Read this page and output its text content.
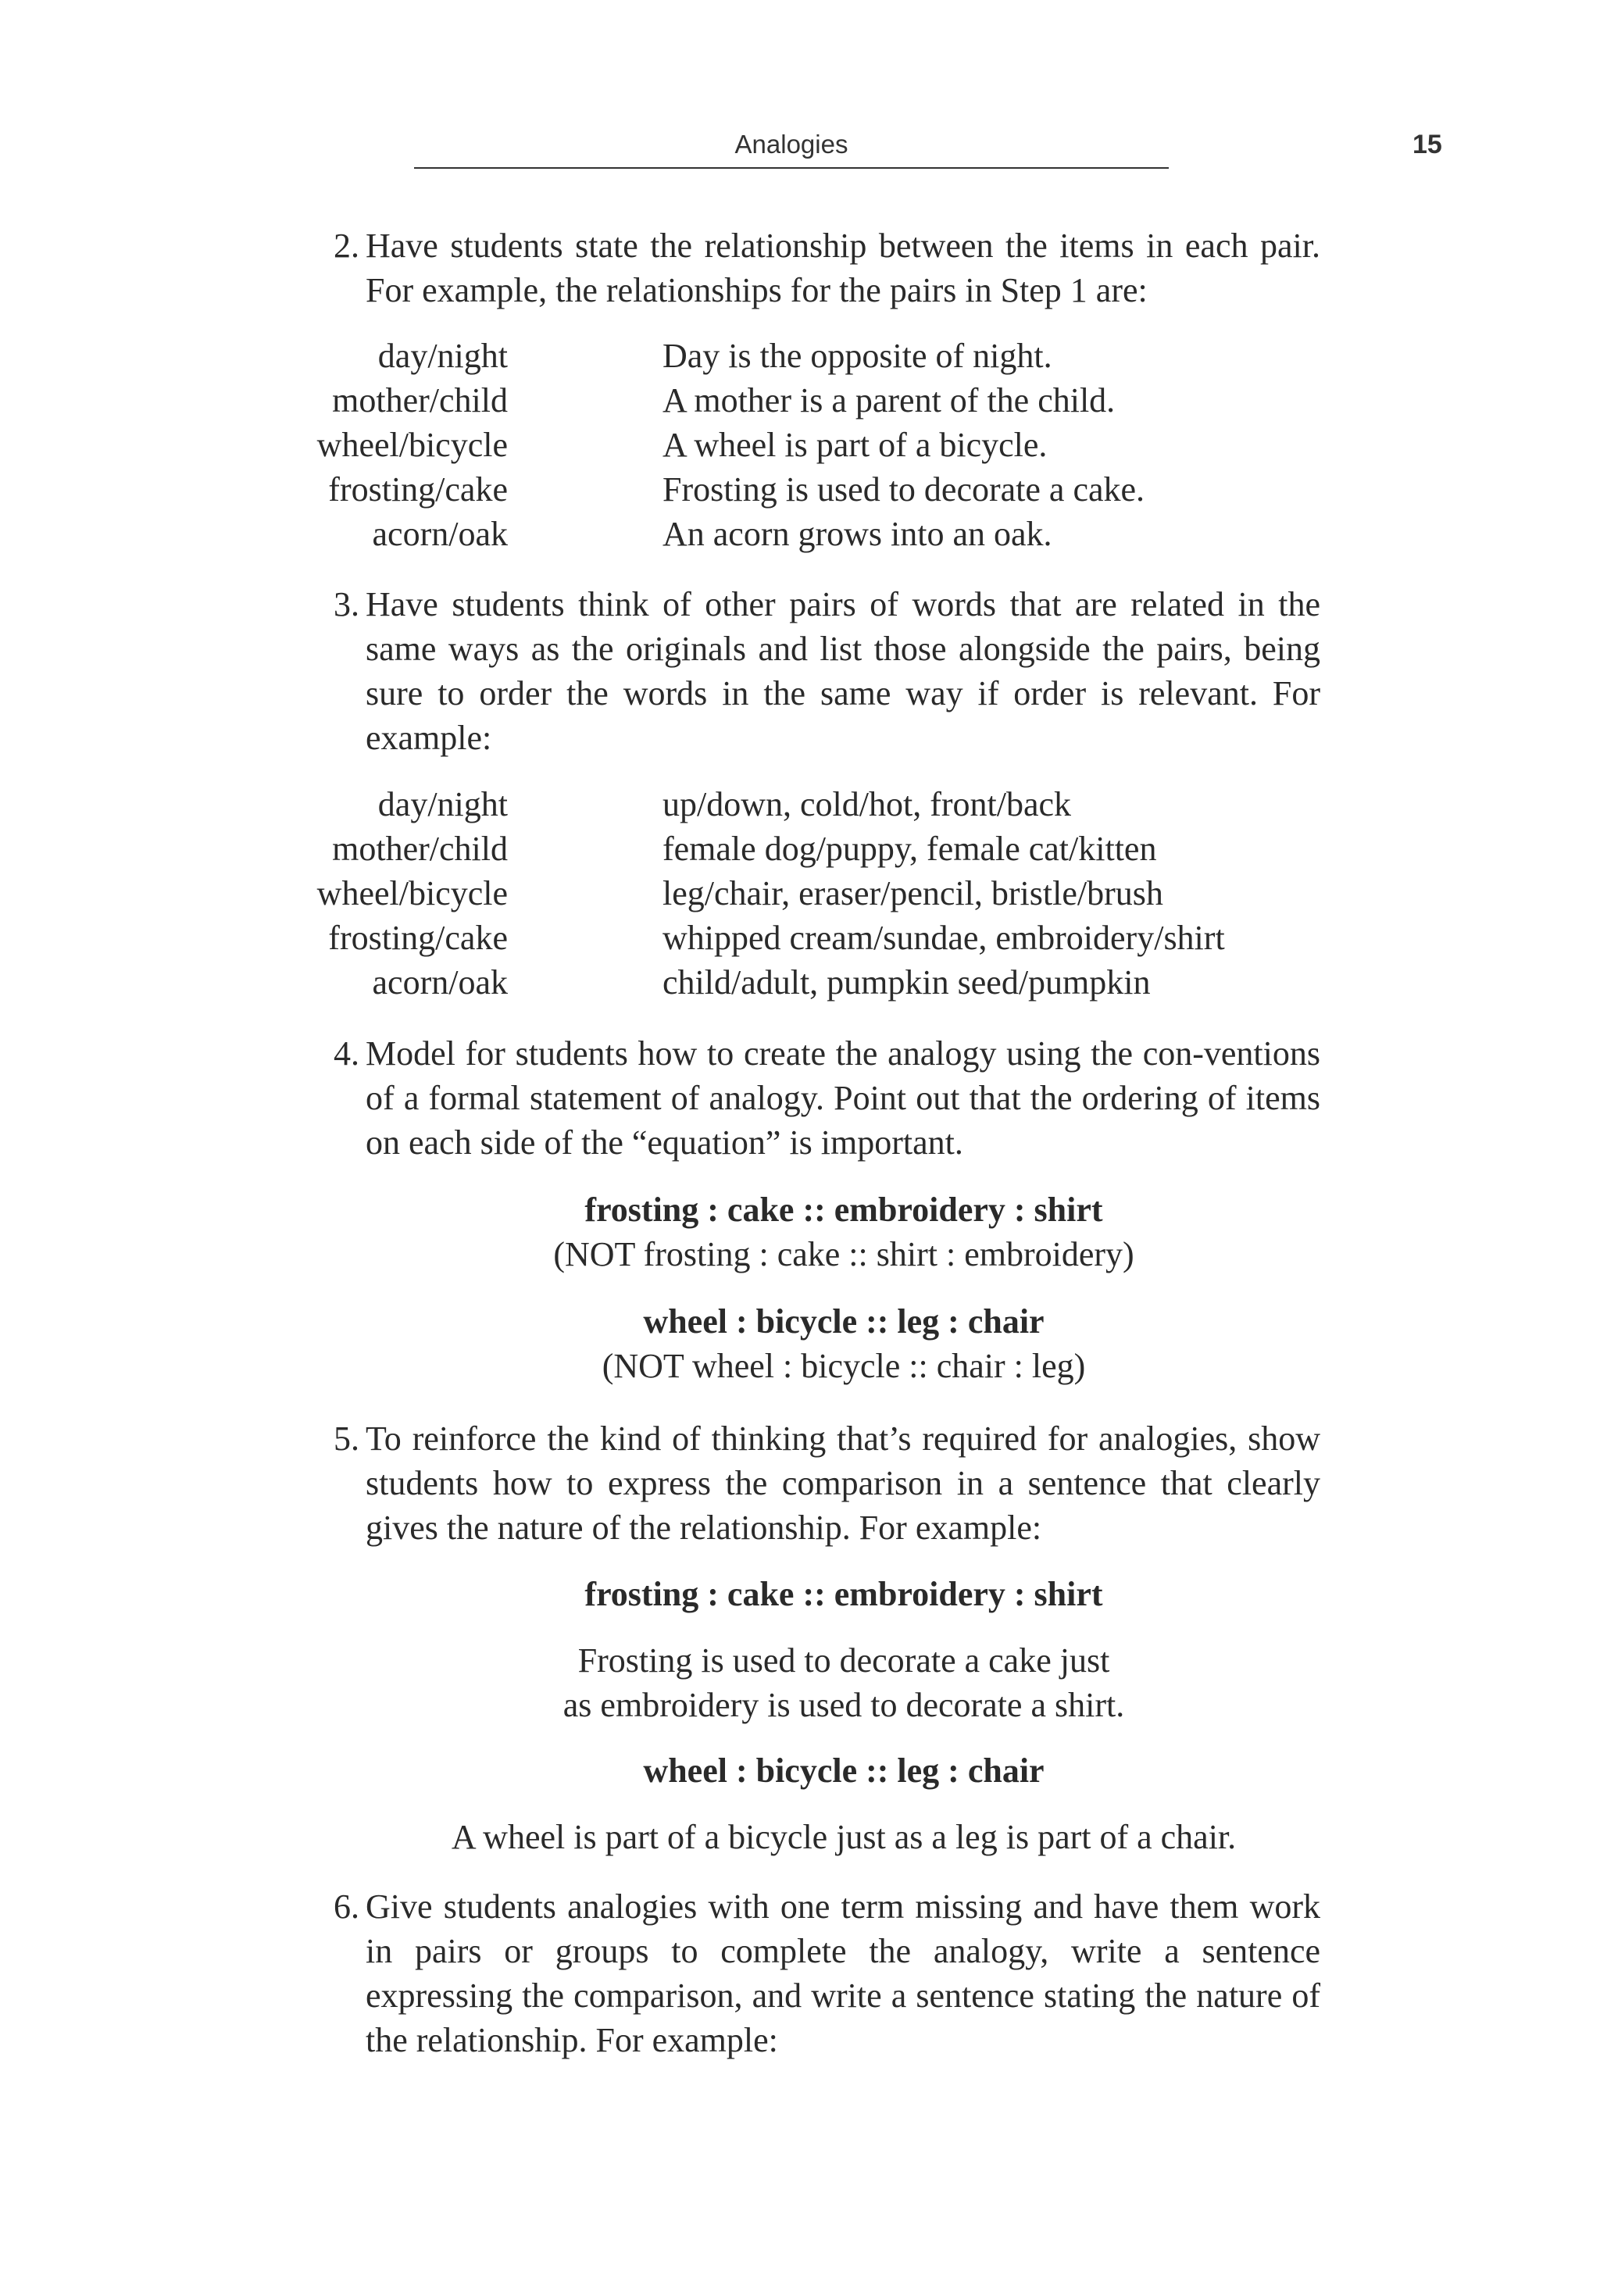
Analogies	15
2. Have students state the relationship between the items in each pair. For example, the relationships for the pairs in Step 1 are:
day/night	Day is the opposite of night.
mother/child	A mother is a parent of the child.
wheel/bicycle	A wheel is part of a bicycle.
frosting/cake	Frosting is used to decorate a cake.
acorn/oak	An acorn grows into an oak.
3. Have students think of other pairs of words that are related in the same ways as the originals and list those alongside the pairs, being sure to order the words in the same way if order is relevant. For example:
day/night	up/down, cold/hot, front/back
mother/child	female dog/puppy, female cat/kitten
wheel/bicycle	leg/chair, eraser/pencil, bristle/brush
frosting/cake	whipped cream/sundae, embroidery/shirt
acorn/oak	child/adult, pumpkin seed/pumpkin
4. Model for students how to create the analogy using the con-ventions of a formal statement of analogy. Point out that the ordering of items on each side of the “equation” is important.
frosting : cake :: embroidery : shirt
(NOT frosting : cake :: shirt : embroidery)
wheel : bicycle :: leg : chair
(NOT wheel : bicycle :: chair : leg)
5. To reinforce the kind of thinking that’s required for analogies, show students how to express the comparison in a sentence that clearly gives the nature of the relationship. For example:
frosting : cake :: embroidery : shirt
Frosting is used to decorate a cake just
as embroidery is used to decorate a shirt.
wheel : bicycle :: leg : chair
A wheel is part of a bicycle just as a leg is part of a chair.
6. Give students analogies with one term missing and have them work in pairs or groups to complete the analogy, write a sentence expressing the comparison, and write a sentence stating the nature of the relationship. For example:
